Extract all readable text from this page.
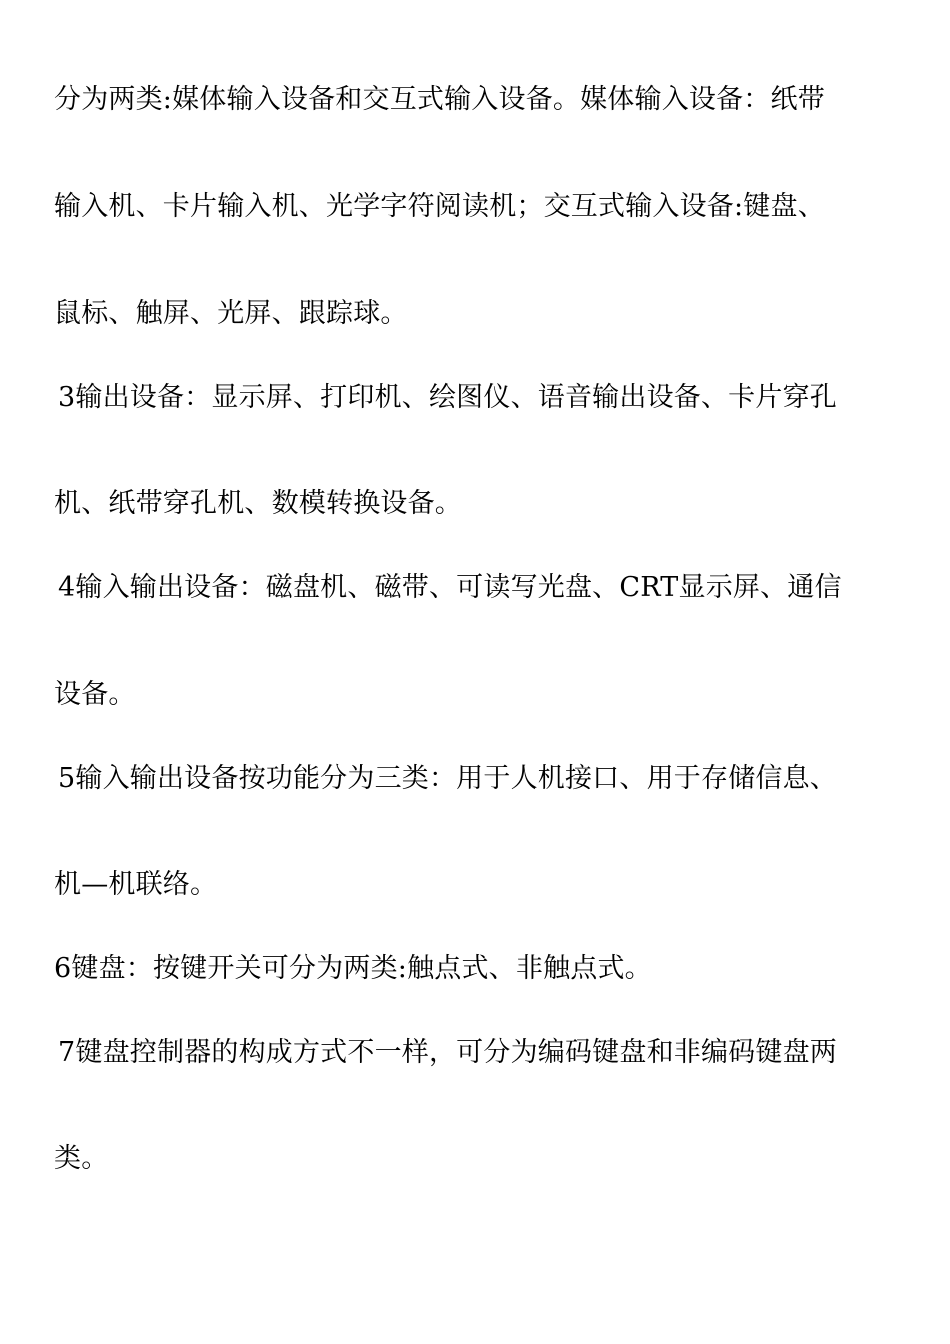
分为两类:媒体输入设备和交互式输入设备。媒体输入设备：纸带
输入机、卡片输入机、光学字符阅读机；交互式输入设备:键盘、
鼠标、触屏、光屏、跟踪球。
3输出设备：显示屏、打印机、绘图仪、语音输出设备、卡片穿孔
机、纸带穿孔机、数模转换设备。
4输入输出设备：磁盘机、磁带、可读写光盘、CRT显示屏、通信
设备。
5输入输出设备按功能分为三类：用于人机接口、用于存储信息、
机—机联络。
6键盘：按键开关可分为两类:触点式、非触点式。
7键盘控制器的构成方式不一样，可分为编码键盘和非编码键盘两
类。
